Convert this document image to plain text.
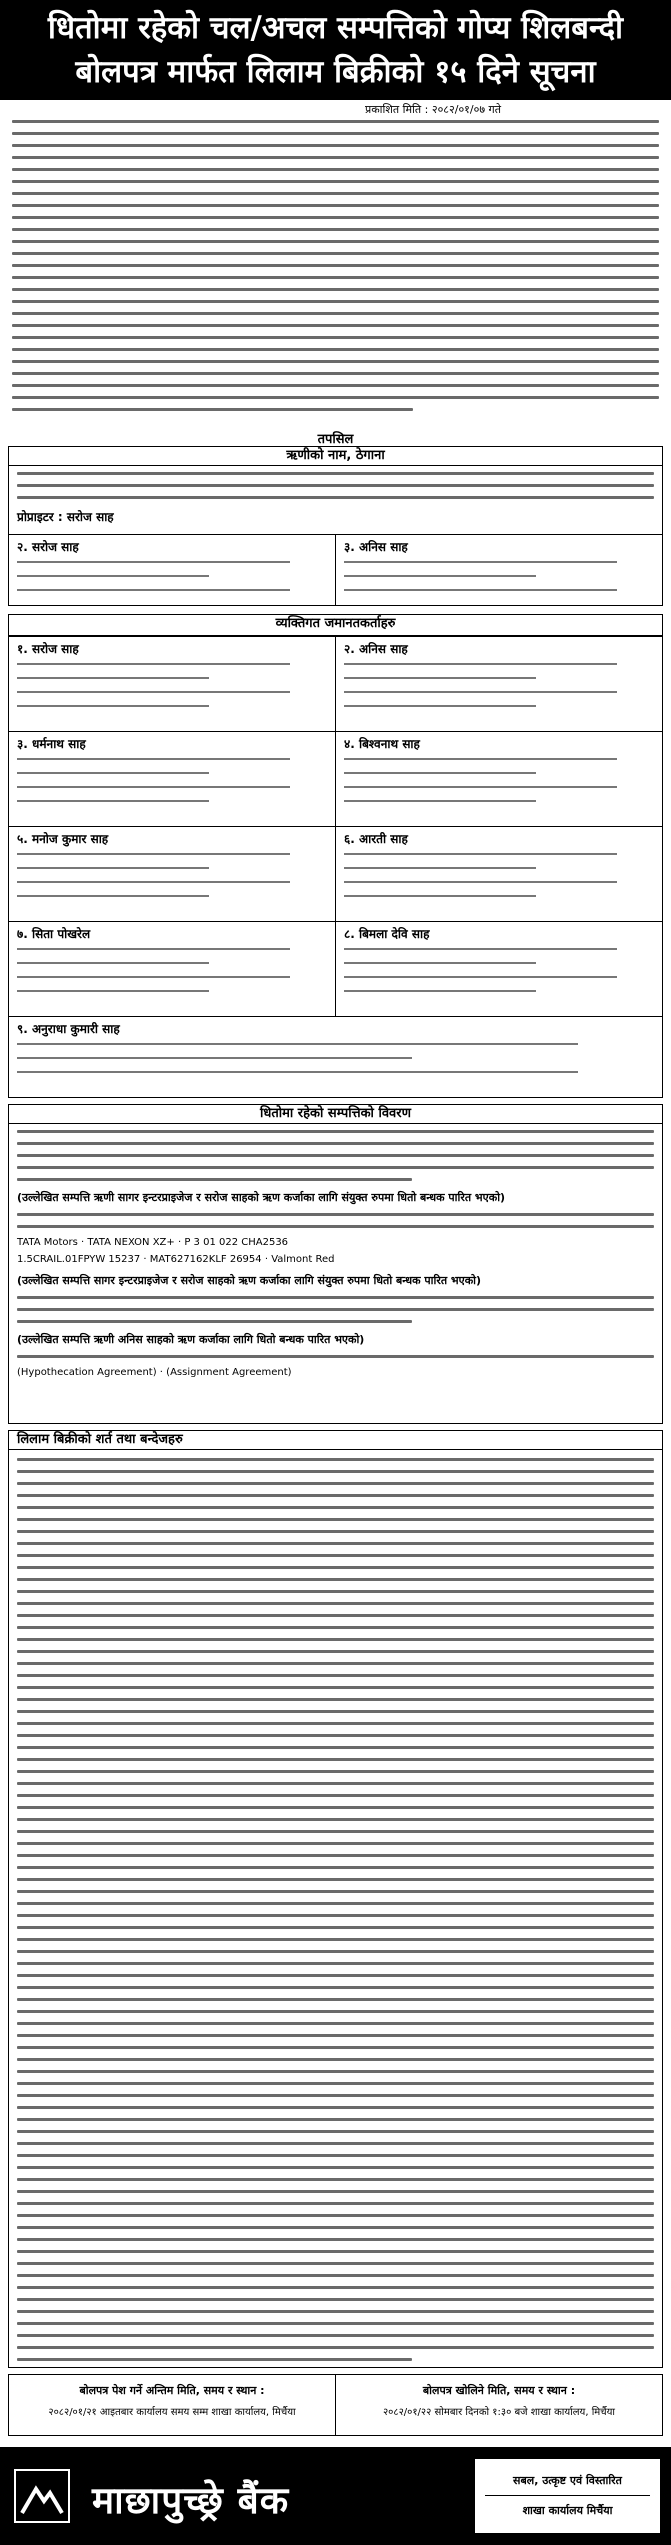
धितोमा रहेको चल/अचल सम्पत्तिको गोप्य शिलबन्दी
बोलपत्र मार्फत लिलाम बिक्रीको १५ दिने सूचना
प्रकाशित मिति : २०८२/०१/०७ गते
तपसिल
ऋणीको नाम, ठेगाना
प्रोप्राइटर : सरोज साह
२. सरोज साह	३. अनिस साह
व्यक्तिगत जमानतकर्ताहरु
१. सरोज साह	२. अनिस साह
३. धर्मनाथ साह	४. बिश्वनाथ साह
५. मनोज कुमार साह	६. आरती साह
७. सिता पोखरेल	८. बिमला देवि साह
९. अनुराधा कुमारी साह
धितोमा रहेको सम्पत्तिको विवरण
(उल्लेखित सम्पत्ति ऋणी सागर इन्टरप्राइजेज र सरोज साहको ऋण कर्जाका लागि संयुक्त रुपमा धितो बन्धक पारित भएको)
TATA Motors · TATA NEXON XZ+ · P 3 01 022 CHA2536
1.5CRAIL.01FPYW 15237 · MAT627162KLF 26954 · Valmont Red
(उल्लेखित सम्पत्ति सागर इन्टरप्राइजेज र सरोज साहको ऋण कर्जाका लागि संयुक्त रुपमा धितो बन्धक पारित भएको)
(उल्लेखित सम्पत्ति ऋणी अनिस साहको ऋण कर्जाका लागि धितो बन्धक पारित भएको)
(Hypothecation Agreement) · (Assignment Agreement)
लिलाम बिक्रीको शर्त तथा बन्देजहरु
बोलपत्र पेश गर्ने अन्तिम मिति, समय र स्थान :
२०८२/०१/२१ आइतबार कार्यालय समय सम्म शाखा कार्यालय, मिर्चैया
बोलपत्र खोलिने मिति, समय र स्थान :
२०८२/०१/२२ सोमबार दिनको १:३० बजे शाखा कार्यालय, मिर्चैया
माछापुच्छ्रे बैंक	सबल, उत्कृष्ट एवं विस्तारित
शाखा कार्यालय मिर्चैया
